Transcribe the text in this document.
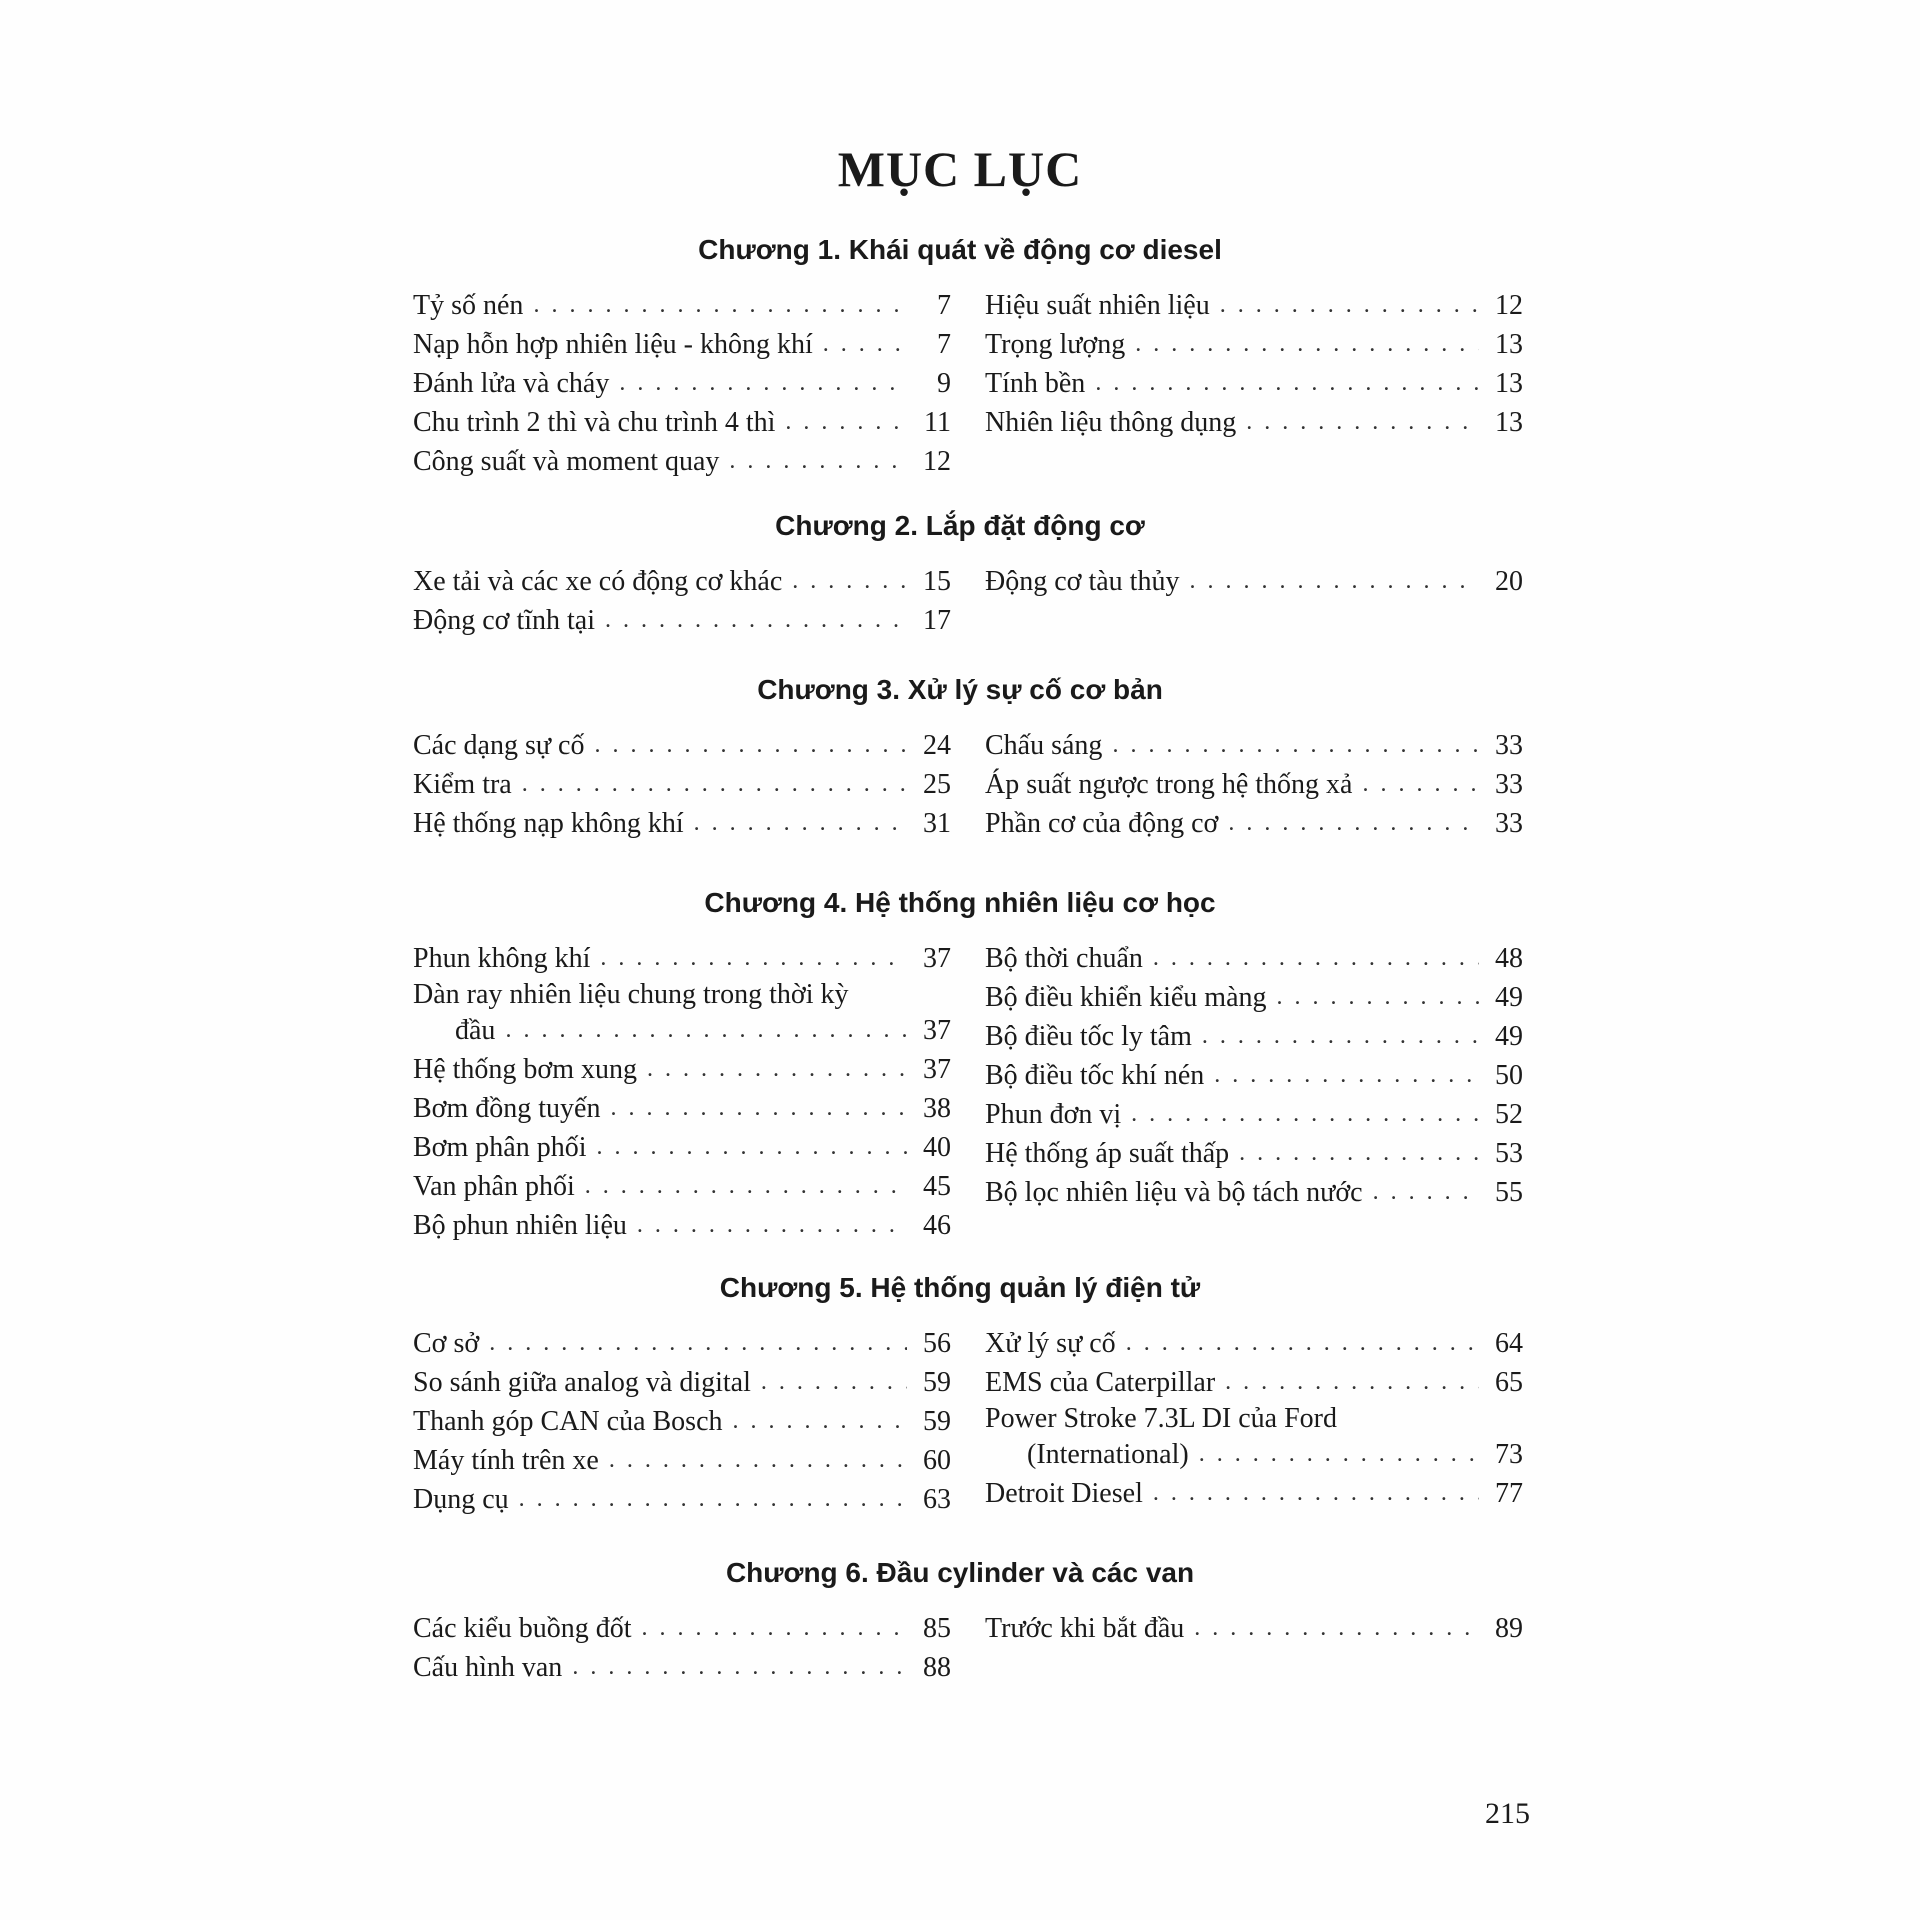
MỤC LỤC
Chương 1. Khái quát về động cơ diesel
Tỷ số nén . . .	7
Nạp hỗn hợp nhiên liệu - không khí . . .	7
Đánh lửa và cháy . . .	9
Chu trình 2 thì và chu trình 4 thì . . .	11
Công suất và moment quay . . .	12
Hiệu suất nhiên liệu . . .	12
Trọng lượng . . .	13
Tính bền . . .	13
Nhiên liệu thông dụng . . .	13
Chương 2. Lắp đặt động cơ
Xe tải và các xe có động cơ khác . . .	15
Động cơ tĩnh tại . . .	17
Động cơ tàu thủy . . .	20
Chương 3. Xử lý sự cố cơ bản
Các dạng sự cố . . .	24
Kiểm tra . . .	25
Hệ thống nạp không khí . . .	31
Chấu sáng . . .	33
Áp suất ngược trong hệ thống xả . . .	33
Phần cơ của động cơ . . .	33
Chương 4. Hệ thống nhiên liệu cơ học
Phun không khí . . .	37
Dàn ray nhiên liệu chung trong thời kỳ
đầu . . .	37
Hệ thống bơm xung . . .	37
Bơm đồng tuyến . . .	38
Bơm phân phối . . .	40
Van phân phối . . .	45
Bộ phun nhiên liệu . . .	46
Bộ thời chuẩn . . .	48
Bộ điều khiển kiểu màng . . .	49
Bộ điều tốc ly tâm . . .	49
Bộ điều tốc khí nén . . .	50
Phun đơn vị . . .	52
Hệ thống áp suất thấp . . .	53
Bộ lọc nhiên liệu và bộ tách nước . . .	55
Chương 5. Hệ thống quản lý điện tử
Cơ sở . . .	56
So sánh giữa analog và digital . . .	59
Thanh góp CAN của Bosch . . .	59
Máy tính trên xe . . .	60
Dụng cụ . . .	63
Xử lý sự cố . . .	64
EMS của Caterpillar . . .	65
Power Stroke 7.3L DI của Ford
(International) . . .	73
Detroit Diesel . . .	77
Chương 6. Đầu cylinder và các van
Các kiểu buồng đốt . . .	85
Cấu hình van . . .	88
Trước khi bắt đầu . . .	89
215
